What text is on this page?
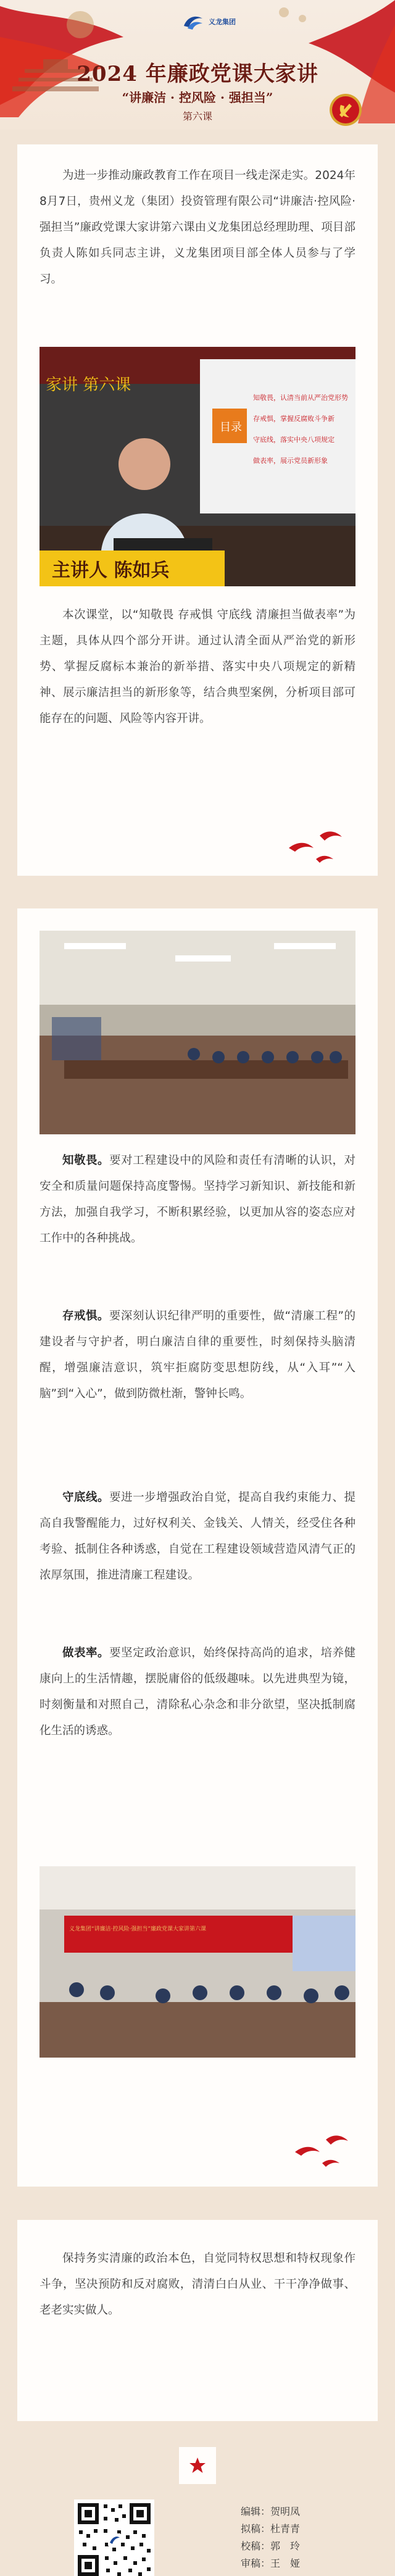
义龙集团
2024 年廉政党课大家讲
“讲廉洁 · 控风险 · 强担当”
第六课

为进一步推动廉政教育工作在项目一线走深走实。2024年8月7日，贵州义龙（集团）投资管理有限公司“讲廉洁·控风险·强担当”廉政党课大家讲第六课由义龙集团总经理助理、项目部负责人陈如兵同志主讲，义龙集团项目部全体人员参与了学习。

家讲 第六课
目录
知敬畏，认清当前从严治党形势
存戒惧，掌握反腐败斗争新
守底线，落实中央八项规定
做表率，展示党员新形象
主讲人 陈如兵

本次课堂，以“知敬畏 存戒惧 守底线 清廉担当做表率”为主题，具体从四个部分开讲。通过认清全面从严治党的新形势、掌握反腐标本兼治的新举措、落实中央八项规定的新精神、展示廉洁担当的新形象等，结合典型案例，分析项目部可能存在的问题、风险等内容开讲。

知敬畏。要对工程建设中的风险和责任有清晰的认识，对安全和质量问题保持高度警惕。坚持学习新知识、新技能和新方法，加强自我学习，不断积累经验，以更加从容的姿态应对工作中的各种挑战。

存戒惧。要深刻认识纪律严明的重要性，做“清廉工程”的建设者与守护者，明白廉洁自律的重要性，时刻保持头脑清醒，增强廉洁意识，筑牢拒腐防变思想防线，从“入耳”“入脑”到“入心”，做到防微杜渐，警钟长鸣。

守底线。要进一步增强政治自觉，提高自我约束能力、提高自我警醒能力，过好权利关、金钱关、人情关，经受住各种考验、抵制住各种诱惑，自觉在工程建设领域营造风清气正的浓厚氛围，推进清廉工程建设。

做表率。要坚定政治意识，始终保持高尚的追求，培养健康向上的生活情趣，摆脱庸俗的低级趣味。以先进典型为镜，时刻衡量和对照自己，清除私心杂念和非分欲望，坚决抵制腐化生活的诱惑。

义龙集团“讲廉洁·控风险·强担当”廉政党课大家讲第六课

保持务实清廉的政治本色，自觉同特权思想和特权现象作斗争，坚决预防和反对腐败，清清白白从业、干干净净做事、老老实实做人。

编辑：贺明凤
拟稿：杜青青
校稿：郭　玲
审稿：王　娅
